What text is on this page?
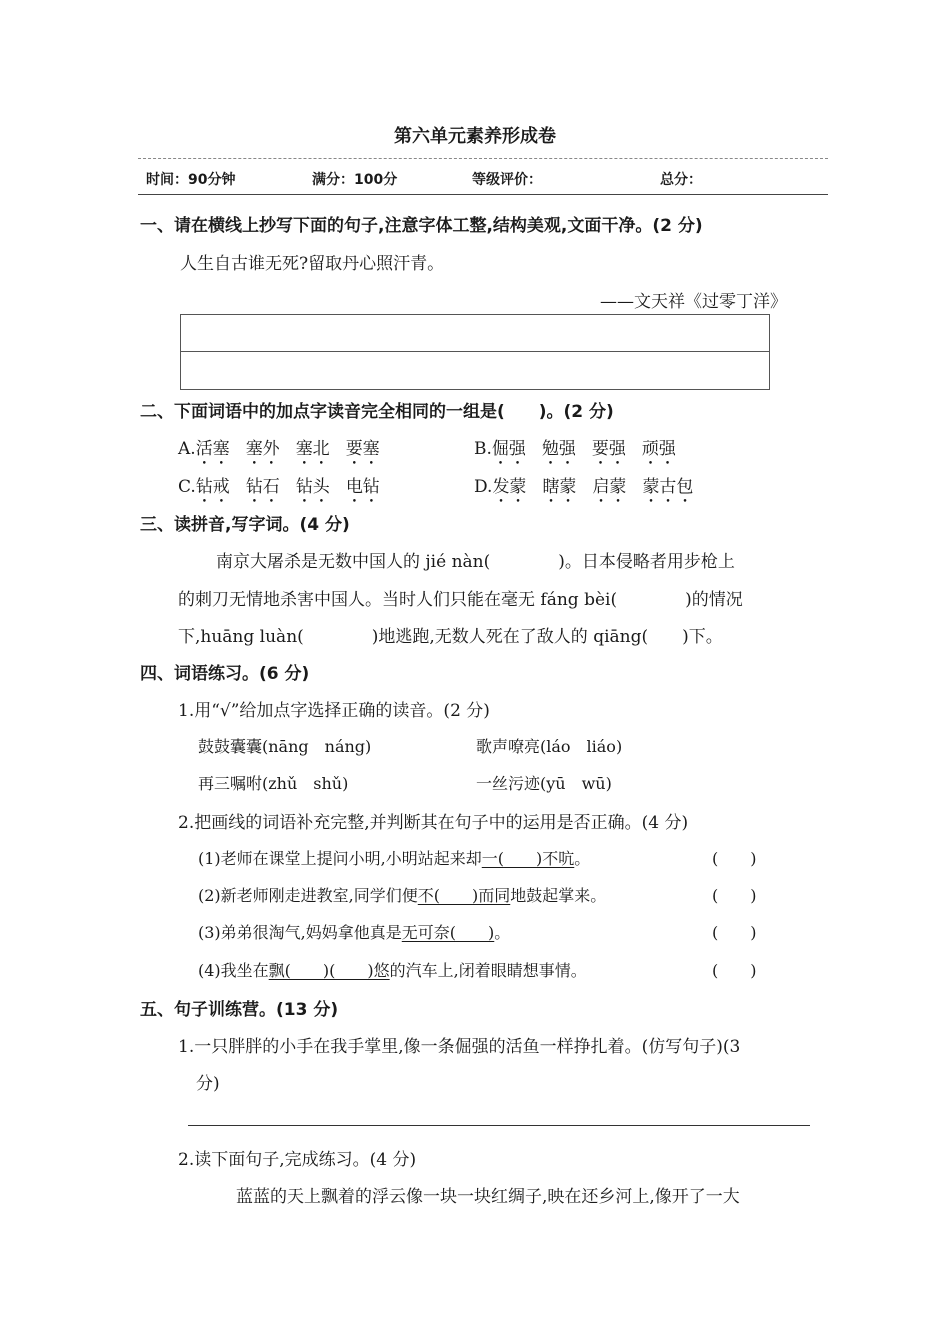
第六单元素养形成卷
时间：90分钟	满分：100分	等级评价：	总分：
一、请在横线上抄写下面的句子,注意字体工整,结构美观,文面干净。(2 分)
人生自古谁无死?留取丹心照汗青。
——文天祥《过零丁洋》
二、下面词语中的加点字读音完全相同的一组是(　　)。(2 分)
A.活塞 塞外 塞北 要塞	B.倔强 勉强 要强 顽强
C.钻戒 钻石 钻头 电钻	D.发蒙 瞎蒙 启蒙 蒙古包
三、读拼音,写字词。(4 分)
南京大屠杀是无数中国人的 jié nàn(　　　　)。日本侵略者用步枪上
的刺刀无情地杀害中国人。当时人们只能在毫无 fáng bèi(　　　　)的情况
下,huāng luàn(　　　　)地逃跑,无数人死在了敌人的 qiāng(　　)下。
四、词语练习。(6 分)
1.用“√”给加点字选择正确的读音。(2 分)
鼓鼓囊囊(nāng　náng)	歌声嘹亮(láo　liáo)
再三嘱咐(zhǔ　shǔ)	一丝污迹(yū　wū)
2.把画线的词语补充完整,并判断其在句子中的运用是否正确。(4 分)
(1)老师在课堂上提问小明,小明站起来却一(　　)不吭。	(　　)
(2)新老师刚走进教室,同学们便不(　　)而同地鼓起掌来。	(　　)
(3)弟弟很淘气,妈妈拿他真是无可奈(　　)。	(　　)
(4)我坐在飘(　　)(　　)悠的汽车上,闭着眼睛想事情。	(　　)
五、句子训练营。(13 分)
1.一只胖胖的小手在我手掌里,像一条倔强的活鱼一样挣扎着。(仿写句子)(3
分)
2.读下面句子,完成练习。(4 分)
蓝蓝的天上飘着的浮云像一块一块红绸子,映在还乡河上,像开了一大
